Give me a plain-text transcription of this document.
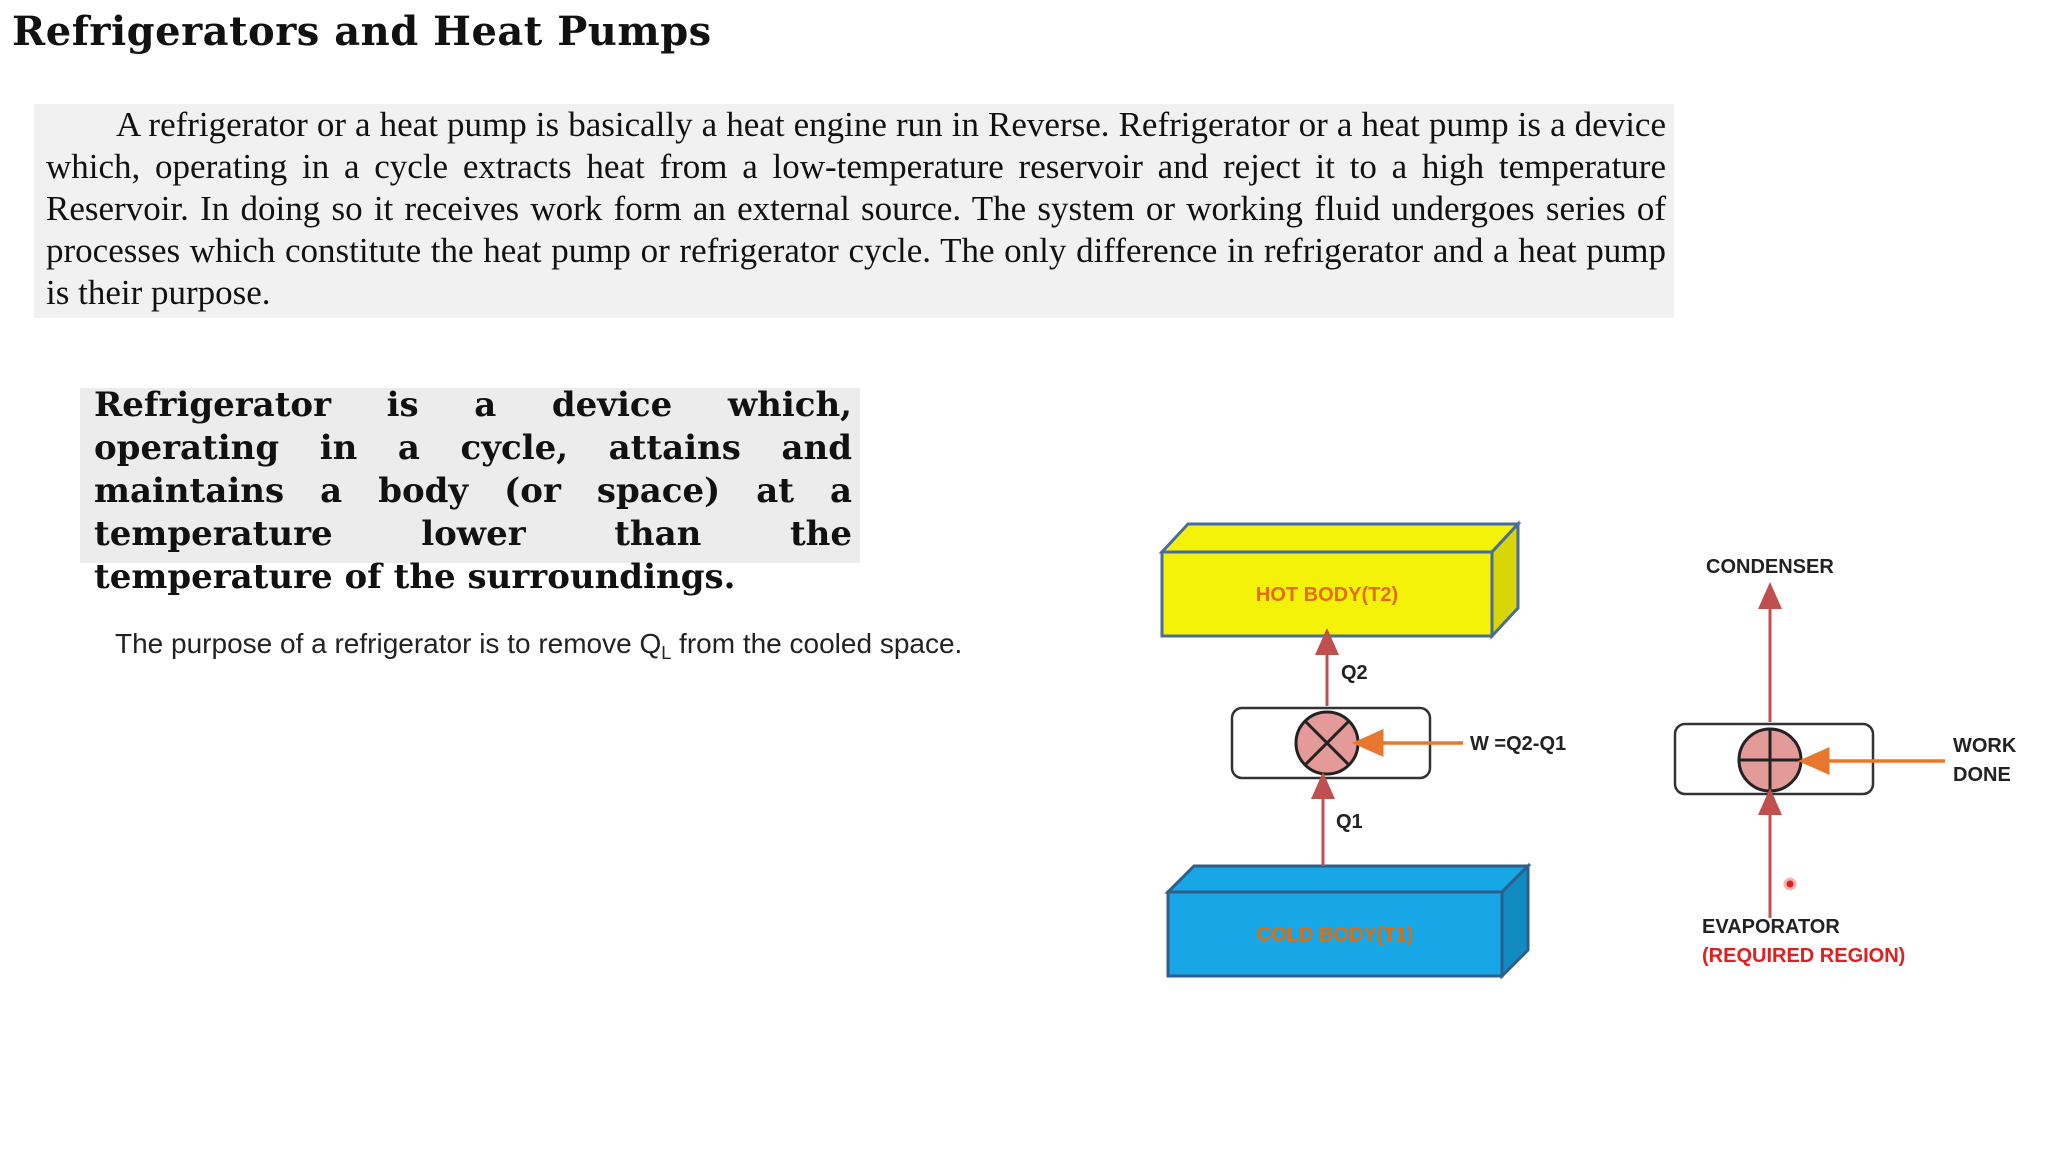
Refrigerators and Heat Pumps
A refrigerator or a heat pump is basically a heat engine run in Reverse. Refrigerator or a heat pump is a device which, operating in a cycle extracts heat from a low-temperature reservoir and reject it to a high temperature Reservoir. In doing so it receives work form an external source. The system or working fluid undergoes series of processes which constitute the heat pump or refrigerator cycle. The only difference in refrigerator and a heat pump is their purpose.
Refrigerator is a device which, operating in a cycle, attains and maintains a body (or space) at a temperature lower than the temperature of the surroundings.
The purpose of a refrigerator is to remove $Q_L$ from the cooled space.
HOT BODY(T2)
COLD BODY(T1)
Q2
Q1
W =Q2-Q1
CONDENSER
WORK
DONE
EVAPORATOR
(REQUIRED REGION)
